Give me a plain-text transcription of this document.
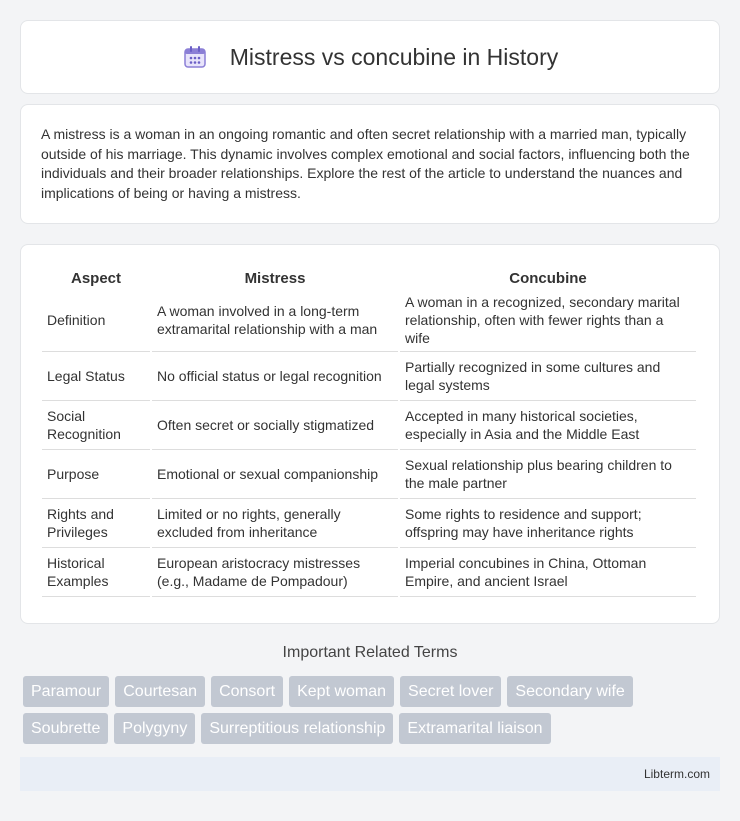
Mistress vs concubine in History

A mistress is a woman in an ongoing romantic and often secret relationship with a married man, typically outside of his marriage. This dynamic involves complex emotional and social factors, influencing both the individuals and their broader relationships. Explore the rest of the article to understand the nuances and implications of being or having a mistress.

Aspect	Mistress	Concubine
Definition	A woman involved in a long-term extramarital relationship with a man	A woman in a recognized, secondary marital relationship, often with fewer rights than a wife
Legal Status	No official status or legal recognition	Partially recognized in some cultures and legal systems
Social Recognition	Often secret or socially stigmatized	Accepted in many historical societies, especially in Asia and the Middle East
Purpose	Emotional or sexual companionship	Sexual relationship plus bearing children to the male partner
Rights and Privileges	Limited or no rights, generally excluded from inheritance	Some rights to residence and support; offspring may have inheritance rights
Historical Examples	European aristocracy mistresses (e.g., Madame de Pompadour)	Imperial concubines in China, Ottoman Empire, and ancient Israel
Important Related Terms
Paramour	Courtesan	Consort	Kept woman	Secret lover	Secondary wife
Soubrette	Polygyny	Surreptitious relationship	Extramarital liaison
Libterm.com
